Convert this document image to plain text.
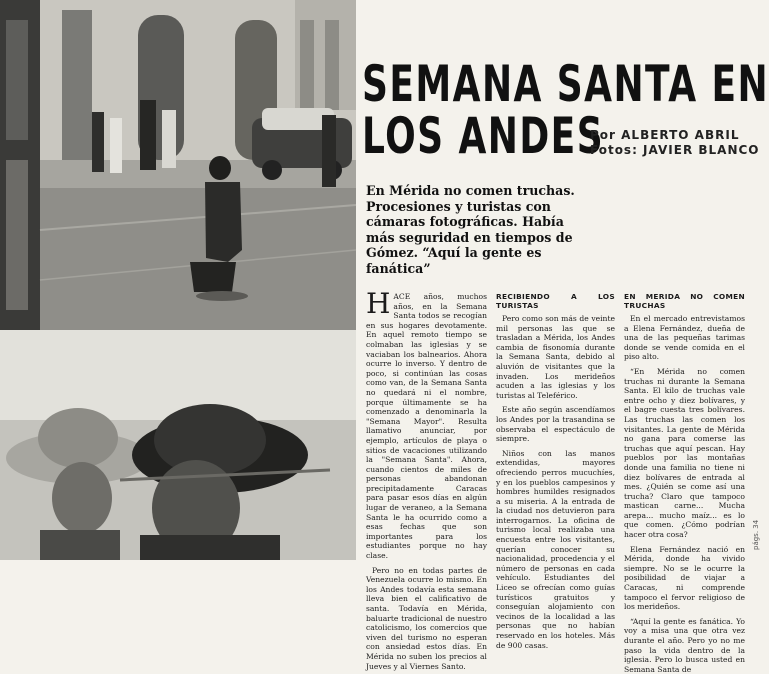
SEMANA SANTA EN
LOS ANDES
Por ALBERTO ABRIL
Fotos: JAVIER BLANCO
En Mérida no comen truchas. Procesiones y turistas con cámaras fotográficas. Había más seguridad en tiempos de Gómez. “Aquí la gente es fanática”

HACE años, muchos años, en la Semana Santa todos se recogían en sus hogares devotamente. En aquel remoto tiempo se colmaban las iglesias y se vaciaban los balnearios. Ahora ocurre lo inverso. Y dentro de poco, si continúan las cosas como van, de la Semana Santa no quedará ni el nombre, porque últimamente se ha comenzado a denominarla la "Semana Mayor". Resulta llamativo anunciar, por ejemplo, artículos de playa o sitios de vacaciones utilizando la "Semana Santa". Ahora, cuando cientos de miles de personas abandonan precipitadamente Caracas para pasar esos días en algún lugar de veraneo, a la Semana Santa le ha ocurrido como a esas fechas que son importantes para los estudiantes porque no hay clase.

Pero no en todas partes de Venezuela ocurre lo mismo. En los Andes todavía esta semana lleva bien el calificativo de santa. Todavía en Mérida, baluarte tradicional de nuestro catolicismo, los comercios que viven del turismo no esperan con ansiedad estos días. En Mérida no suben los precios al Jueves y al Viernes Santo.

RECIBIENDO A LOS TURISTAS

Pero como son más de veinte mil personas las que se trasladan a Mérida, los Andes cambia de fisonomía durante la Semana Santa, debido al aluvión de visitantes que la invaden. Los merideños acuden a las iglesias y los turistas al Teleférico.

Este año según ascendíamos los Andes por la trasandina se observaba el espectáculo de siempre.

Niños con las manos extendidas, mayores ofreciendo perros mucuchíes, y en los pueblos campesinos y hombres humildes resignados a su miseria. A la entrada de la ciudad nos detuvieron para interrogarnos. La oficina de turismo local realizaba una encuesta entre los visitantes, querían conocer su nacionalidad, procedencia y el número de personas en cada vehículo. Estudiantes del Liceo se ofrecían como guías turísticos gratuitos y conseguían alojamiento con vecinos de la localidad a las personas que no habían reservado en los hoteles. Más de 900 casas.

EN MERIDA NO COMEN TRUCHAS

En el mercado entrevistamos a Elena Fernández, dueña de una de las pequeñas tarimas donde se vende comida en el piso alto.

“En Mérida no comen truchas ni durante la Semana Santa. El kilo de truchas vale entre ocho y diez bolívares, y el bagre cuesta tres bolívares. Las truchas las comen los visitantes. La gente de Mérida no gana para comerse las truchas que aquí pescan. Hay pueblos por las montañas donde una familia no tiene ni diez bolívares de entrada al mes. ¿Quién se come así una trucha? Claro que tampoco mastican carne... Mucha arepa... mucho maíz... es lo que comen. ¿Cómo podrían hacer otra cosa?

Elena Fernández nació en Mérida, donde ha vivido siempre. No se le ocurre la posibilidad de viajar a Caracas, ni comprende tampoco el fervor religioso de los merideños.

“Aquí la gente es fanática. Yo voy a misa una que otra vez durante el año. Pero yo no me paso la vida dentro de la iglesia. Pero lo busca usted en Semana Santa de

págs. 34
